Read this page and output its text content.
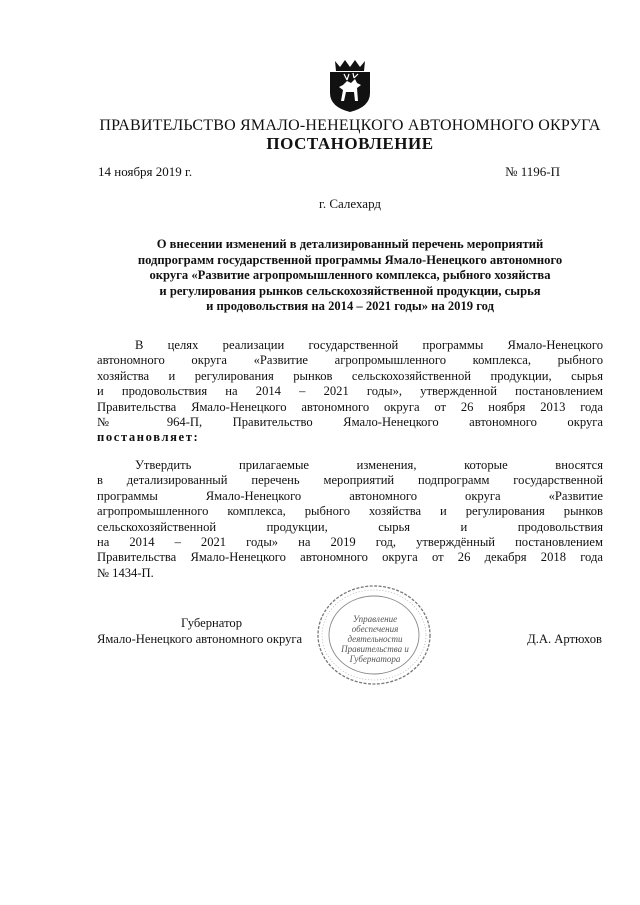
ПРАВИТЕЛЬСТВО ЯМАЛО-НЕНЕЦКОГО АВТОНОМНОГО ОКРУГА
ПОСТАНОВЛЕНИЕ
14 ноября 2019 г.	№ 1196-П
г. Салехард
О внесении изменений в детализированный перечень мероприятий
подпрограмм государственной программы Ямало-Ненецкого автономного
округа «Развитие агропромышленного комплекса, рыбного хозяйства
и регулирования рынков сельскохозяйственной продукции, сырья
и продовольствия на 2014 – 2021 годы» на 2019 год
В целях реализации государственной программы Ямало-Ненецкого
автономного округа «Развитие агропромышленного комплекса, рыбного
хозяйства и регулирования рынков сельскохозяйственной продукции, сырья
и продовольствия на 2014 – 2021 годы», утвержденной постановлением
Правительства Ямало-Ненецкого автономного округа от 26 ноября 2013 года
№ 964-П, Правительство Ямало-Ненецкого автономного округа
постановляет:
Утвердить прилагаемые изменения, которые вносятся
в детализированный перечень мероприятий подпрограмм государственной
программы Ямало-Ненецкого автономного округа «Развитие
агропромышленного комплекса, рыбного хозяйства и регулирования рынков
сельскохозяйственной продукции, сырья и продовольствия
на 2014 – 2021 годы» на 2019 год, утверждённый постановлением
Правительства Ямало-Ненецкого автономного округа от 26 декабря 2018 года
№ 1434-П.
Управление обеспечения деятельности Правительства и Губернатора
Губернатор
Ямало-Ненецкого автономного округа	Д.А. Артюхов
